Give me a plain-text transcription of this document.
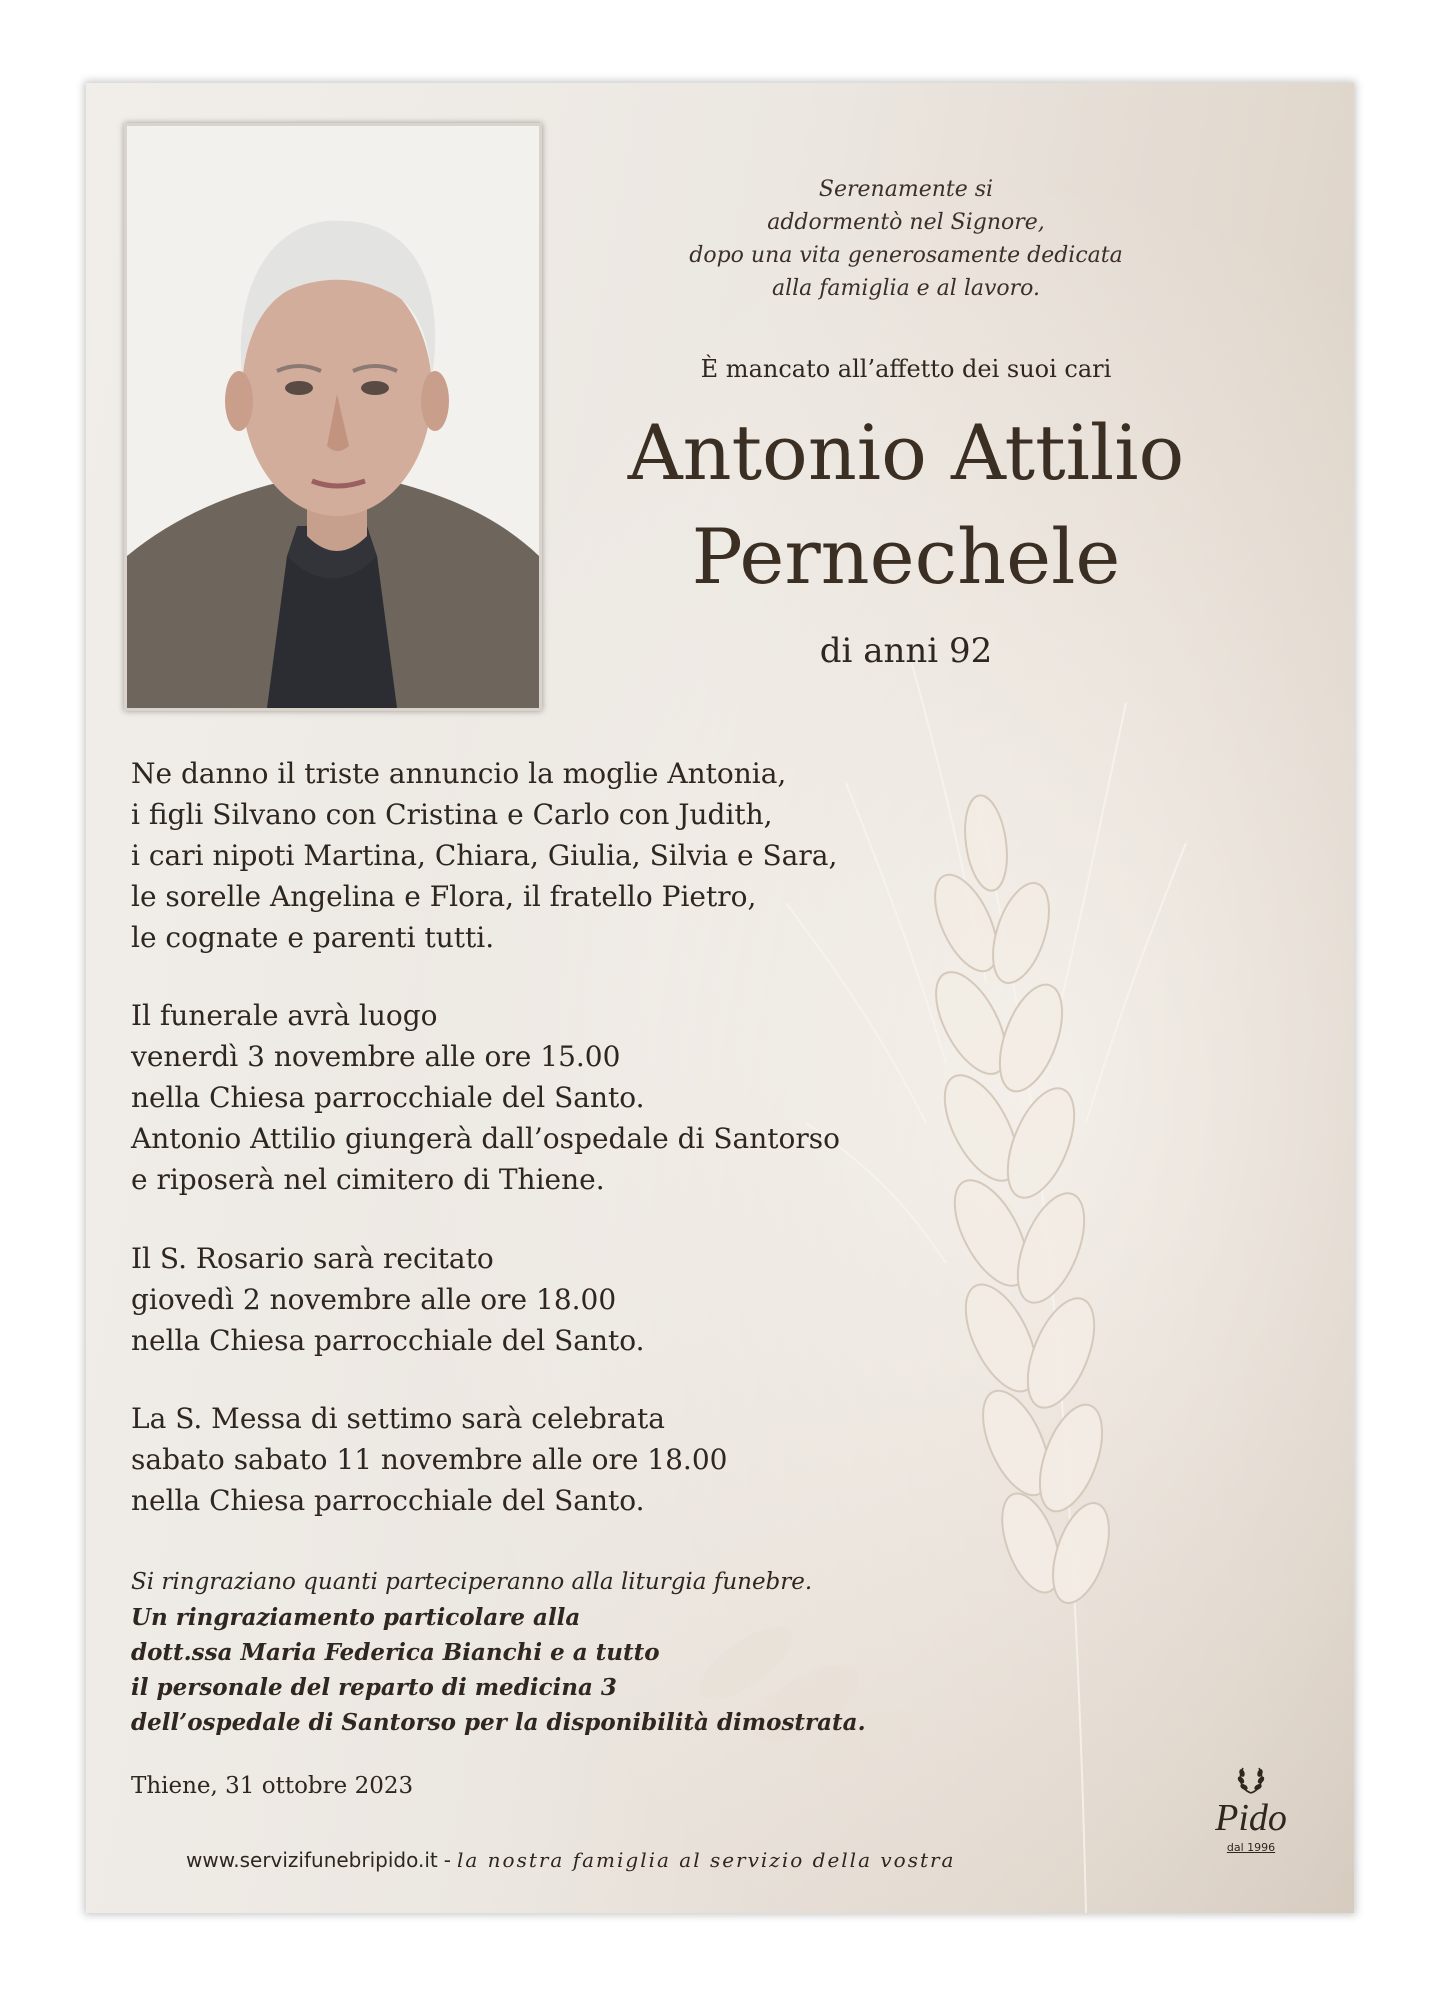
Serenamente si
addormentò nel Signore,
dopo una vita generosamente dedicata
alla famiglia e al lavoro.
È mancato all’affetto dei suoi cari
Antonio Attilio
Pernechele
di anni 92
Ne danno il triste annuncio la moglie Antonia,
i figli Silvano con Cristina e Carlo con Judith,
i cari nipoti Martina, Chiara, Giulia, Silvia e Sara,
le sorelle Angelina e Flora, il fratello Pietro,
le cognate e parenti tutti.
Il funerale avrà luogo
venerdì 3 novembre alle ore 15.00
nella Chiesa parrocchiale del Santo.
Antonio Attilio giungerà dall’ospedale di Santorso
e riposerà nel cimitero di Thiene.
Il S. Rosario sarà recitato
giovedì 2 novembre alle ore 18.00
nella Chiesa parrocchiale del Santo.
La S. Messa di settimo sarà celebrata
sabato sabato 11 novembre alle ore 18.00
nella Chiesa parrocchiale del Santo.
Si ringraziano quanti parteciperanno alla liturgia funebre.
Un ringraziamento particolare alla
dott.ssa Maria Federica Bianchi e a tutto
il personale del reparto di medicina 3
dell’ospedale di Santorso per la disponibilità dimostrata.
Thiene, 31 ottobre 2023
www.servizifunebripido.it - la nostra famiglia al servizio della vostra
Pido
dal 1996
